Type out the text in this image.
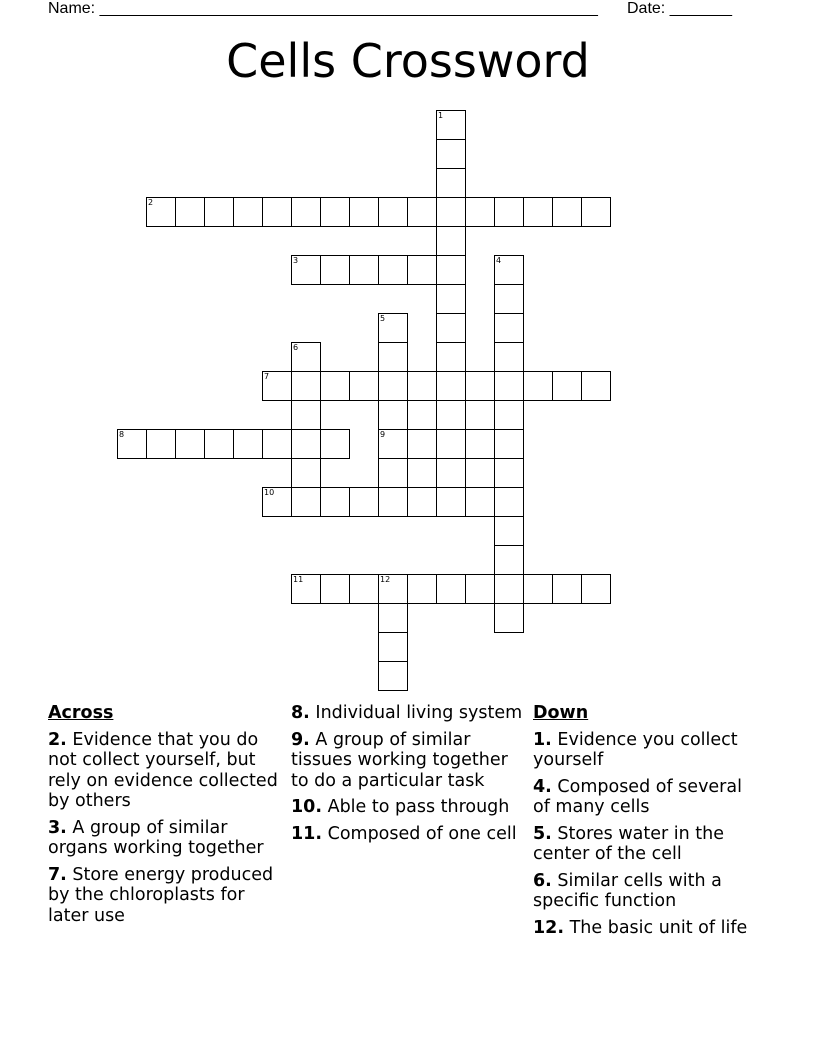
Name: ________________________________________________________ Date: _______
Cells Crossword
1
2
3	4
5
9
6
7
8
10
11	12
Across
2. Evidence that you do not collect yourself, but rely on evidence collected by others
3. A group of similar organs working together
7. Store energy produced by the chloroplasts for later use
8. Individual living system
9. A group of similar tissues working together to do a particular task
10. Able to pass through
11. Composed of one cell
Down
1. Evidence you collect yourself
4. Composed of several of many cells
5. Stores water in the center of the cell
6. Similar cells with a specific function
12. The basic unit of life
